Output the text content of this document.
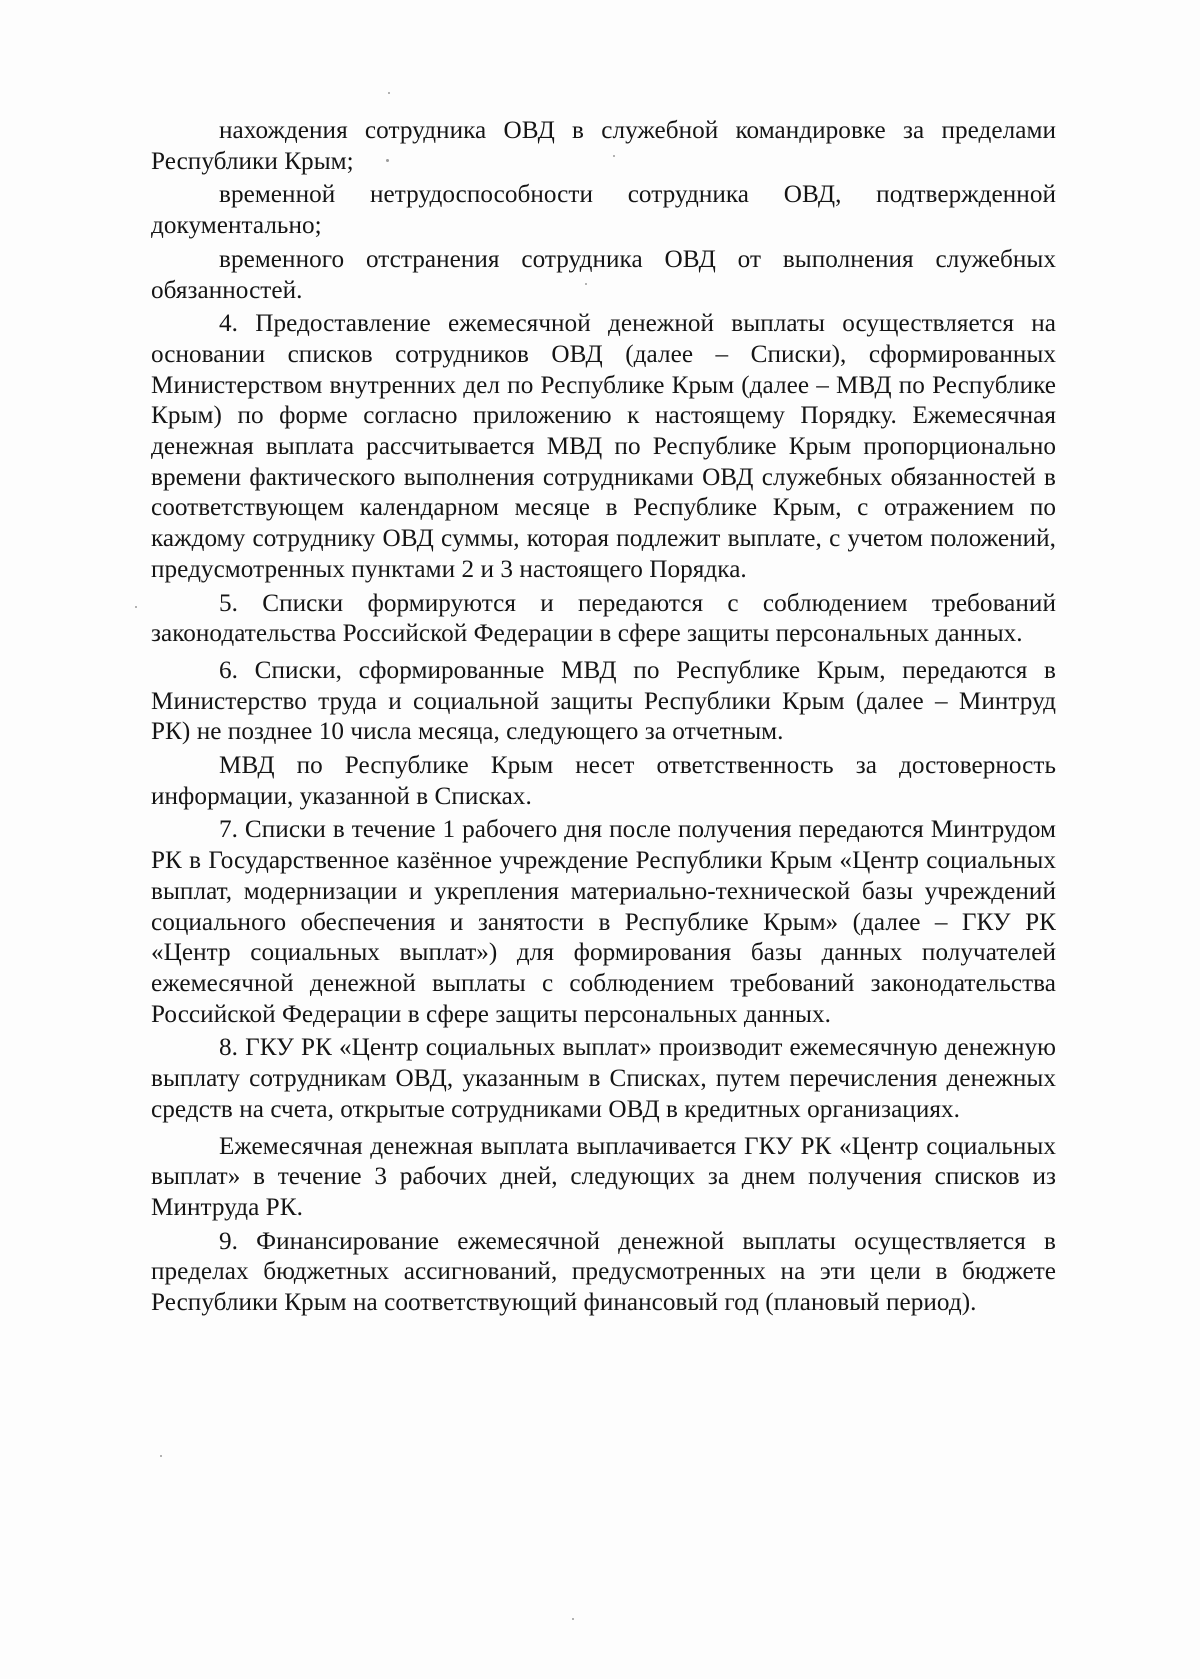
нахождения сотрудника ОВД в служебной командировке за пределами Республики Крым;

временной нетрудоспособности сотрудника ОВД, подтвержденной документально;

временного отстранения сотрудника ОВД от выполнения служебных обязанностей.

4. Предоставление ежемесячной денежной выплаты осуществляется на основании списков сотрудников ОВД (далее – Списки), сформированных Министерством внутренних дел по Республике Крым (далее – МВД по Республике Крым) по форме согласно приложению к настоящему Порядку. Ежемесячная денежная выплата рассчитывается МВД по Республике Крым пропорционально времени фактического выполнения сотрудниками ОВД служебных обязанностей в соответствующем календарном месяце в Республике Крым, с отражением по каждому сотруднику ОВД суммы, которая подлежит выплате, с учетом положений, предусмотренных пунктами 2 и 3 настоящего Порядка.

5. Списки формируются и передаются с соблюдением требований законодательства Российской Федерации в сфере защиты персональных данных.

6. Списки, сформированные МВД по Республике Крым, передаются в Министерство труда и социальной защиты Республики Крым (далее – Минтруд РК) не позднее 10 числа месяца, следующего за отчетным.

МВД по Республике Крым несет ответственность за достоверность информации, указанной в Списках.

7. Списки в течение 1 рабочего дня после получения передаются Минтрудом РК в Государственное казённое учреждение Республики Крым «Центр социальных выплат, модернизации и укрепления материально-технической базы учреждений социального обеспечения и занятости в Республике Крым» (далее – ГКУ РК «Центр социальных выплат») для формирования базы данных получателей ежемесячной денежной выплаты с соблюдением требований законодательства Российской Федерации в сфере защиты персональных данных.

8. ГКУ РК «Центр социальных выплат» производит ежемесячную денежную выплату сотрудникам ОВД, указанным в Списках, путем перечисления денежных средств на счета, открытые сотрудниками ОВД в кредитных организациях.

Ежемесячная денежная выплата выплачивается ГКУ РК «Центр социальных выплат» в течение 3 рабочих дней, следующих за днем получения списков из Минтруда РК.

9. Финансирование ежемесячной денежной выплаты осуществляется в пределах бюджетных ассигнований, предусмотренных на эти цели в бюджете Республики Крым на соответствующий финансовый год (плановый период).
